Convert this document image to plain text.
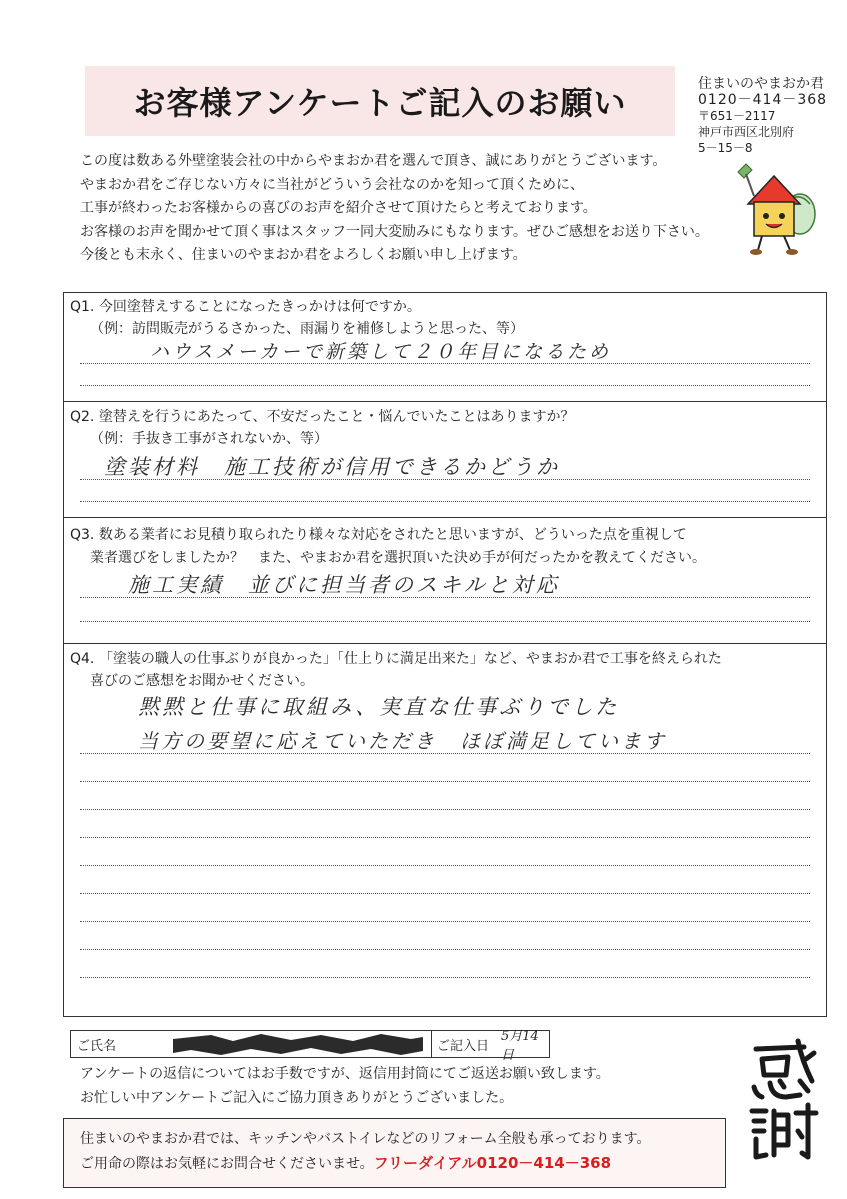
お客様アンケートご記入のお願い	住まいのやまおか君
0120－414－368
〒651－2117
神戸市西区北別府
5－15－8
この度は数ある外壁塗装会社の中からやまおか君を選んで頂き、誠にありがとうございます。
やまおか君をご存じない方々に当社がどういう会社なのかを知って頂くために、
工事が終わったお客様からの喜びのお声を紹介させて頂けたらと考えております。
お客様のお声を聞かせて頂く事はスタッフ一同大変励みにもなります。ぜひご感想をお送り下さい。
今後とも末永く、住まいのやまおか君をよろしくお願い申し上げます。
Q1. 今回塗替えすることになったきっかけは何ですか。
（例：訪問販売がうるさかった、雨漏りを補修しようと思った、等）
ハウスメーカーで新築して２０年目になるため
Q2. 塗替えを行うにあたって、不安だったこと・悩んでいたことはありますか？
（例：手抜き工事がされないか、等）
塗装材料　施工技術が信用できるかどうか
Q3. 数ある業者にお見積り取られたり様々な対応をされたと思いますが、どういった点を重視して
業者選びをしましたか？　また、やまおか君を選択頂いた決め手が何だったかを教えてください。
施工実績　並びに担当者のスキルと対応
Q4. 「塗装の職人の仕事ぶりが良かった」「仕上りに満足出来た」など、やまおか君で工事を終えられた
喜びのご感想をお聞かせください。
黙黙と仕事に取組み、実直な仕事ぶりでした
当方の要望に応えていただき　ほぼ満足しています
ご氏名	ご記入日
5月14日
アンケートの返信についてはお手数ですが、返信用封筒にてご返送お願い致します。
お忙しい中アンケートご記入にご協力頂きありがとうございました。
住まいのやまおか君では、キッチンやバストイレなどのリフォーム全般も承っております。
ご用命の際はお気軽にお問合せくださいませ。フリーダイアル0120－414－368
